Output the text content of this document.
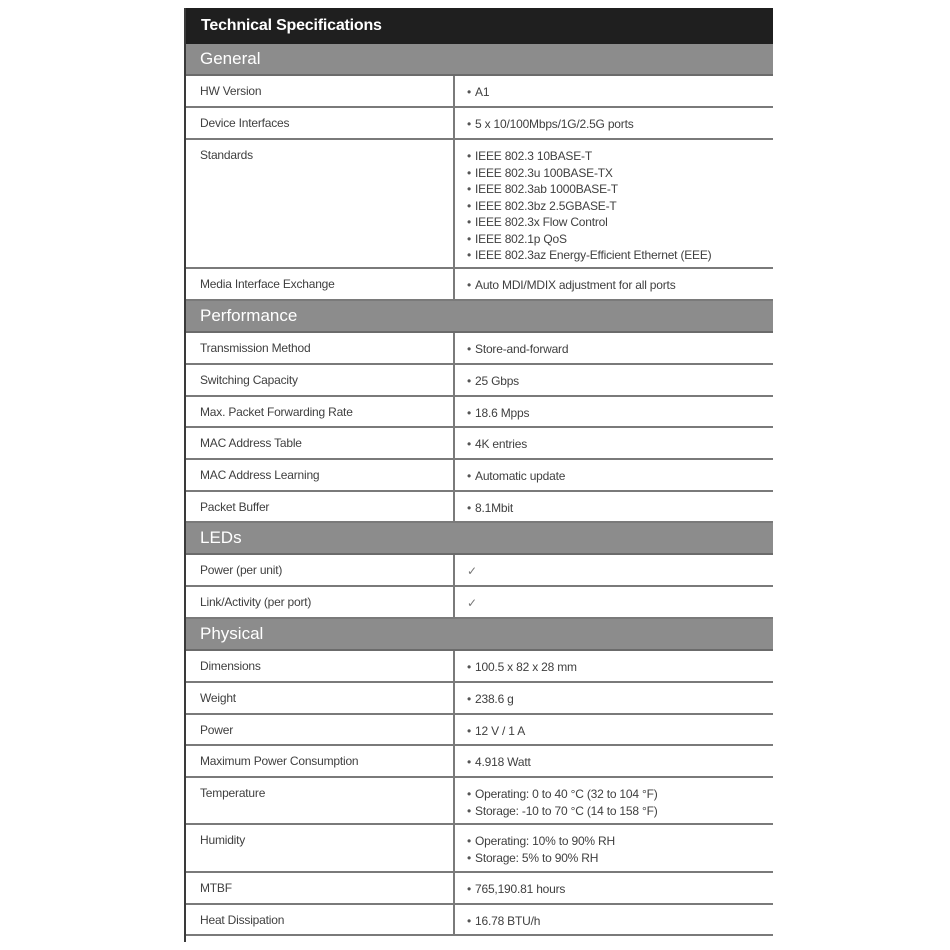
Technical Specifications
General
HW Version	• A1
Device Interfaces	• 5 x 10/100Mbps/1G/2.5G ports
Standards	• IEEE 802.3 10BASE-T
• IEEE 802.3u 100BASE-TX
• IEEE 802.3ab 1000BASE-T
• IEEE 802.3bz 2.5GBASE-T
• IEEE 802.3x Flow Control
• IEEE 802.1p QoS
• IEEE 802.3az Energy-Efficient Ethernet (EEE)
Media Interface Exchange	• Auto MDI/MDIX adjustment for all ports
Performance
Transmission Method	• Store-and-forward
Switching Capacity	• 25 Gbps
Max. Packet Forwarding Rate	• 18.6 Mpps
MAC Address Table	• 4K entries
MAC Address Learning	• Automatic update
Packet Buffer	• 8.1Mbit
LEDs
Power (per unit)	✓
Link/Activity (per port)	✓
Physical
Dimensions	• 100.5 x 82 x 28 mm
Weight	• 238.6 g
Power	• 12 V / 1 A
Maximum Power Consumption	• 4.918 Watt
Temperature	• Operating: 0 to 40 °C (32 to 104 °F)
• Storage: -10 to 70 °C (14 to 158 °F)
Humidity	• Operating: 10% to 90% RH
• Storage: 5% to 90% RH
MTBF	• 765,190.81 hours
Heat Dissipation	• 16.78 BTU/h
